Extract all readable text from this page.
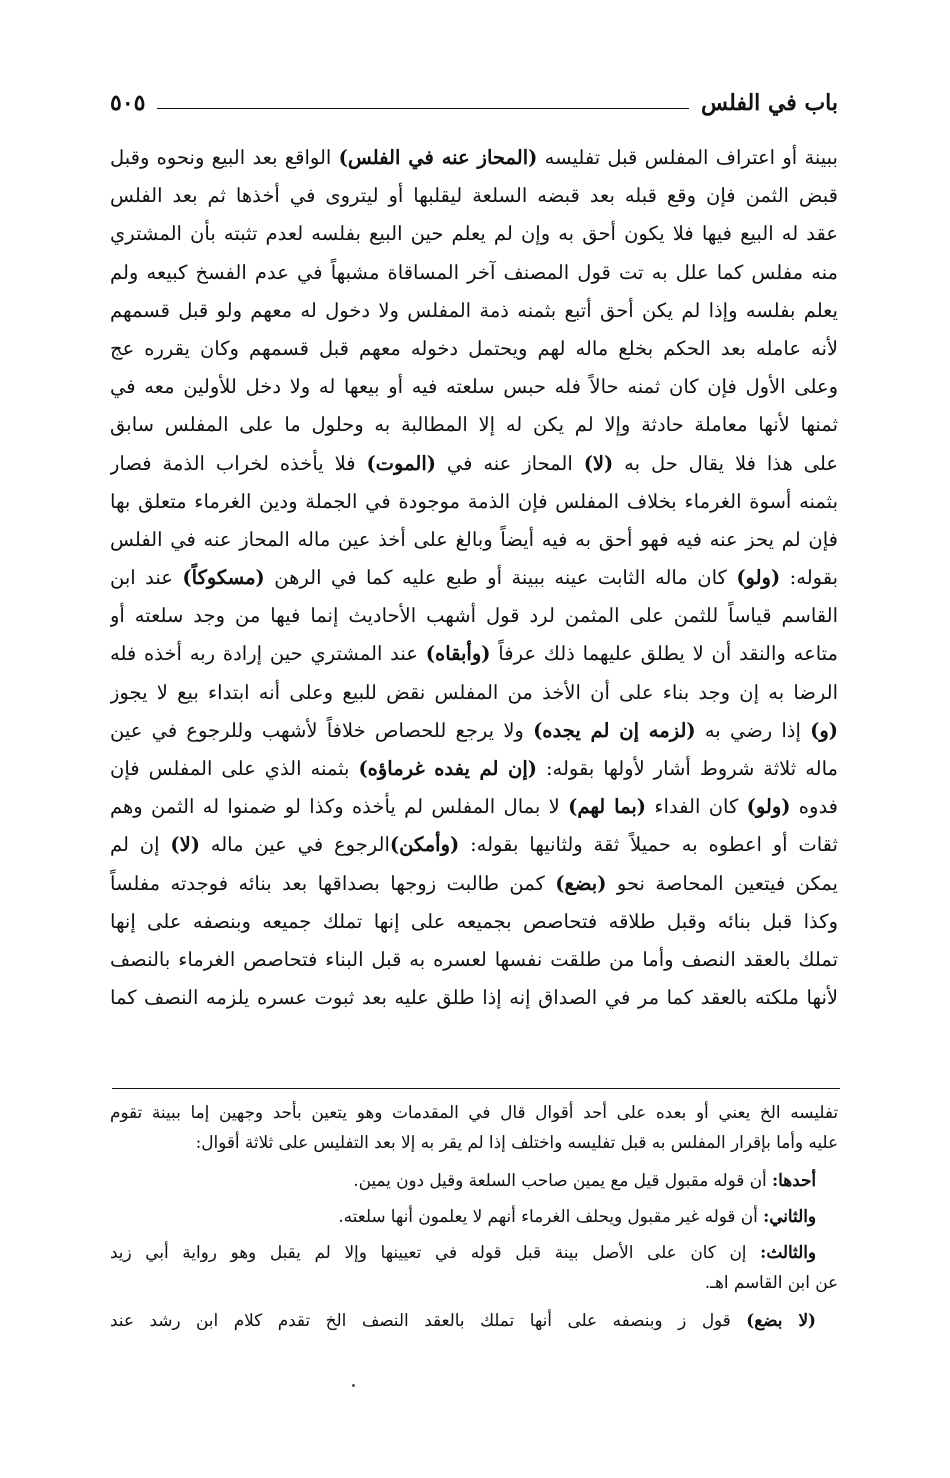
باب في الفلس
٥٠٥
ببينة أو اعتراف المفلس قبل تفليسه (المحاز عنه في الفلس) الواقع بعد البيع ونحوه وقبل
قبض الثمن فإن وقع قبله بعد قبضه السلعة ليقلبها أو ليتروى في أخذها ثم بعد الفلس
عقد له البيع فيها فلا يكون أحق به وإن لم يعلم حين البيع بفلسه لعدم تثبته بأن المشتري
منه مفلس كما علل به تت قول المصنف آخر المساقاة مشبهاً في عدم الفسخ كبيعه ولم
يعلم بفلسه وإذا لم يكن أحق أتبع بثمنه ذمة المفلس ولا دخول له معهم ولو قبل قسمهم
لأنه عامله بعد الحكم بخلع ماله لهم ويحتمل دخوله معهم قبل قسمهم وكان يقرره عج
وعلى الأول فإن كان ثمنه حالاً فله حبس سلعته فيه أو بيعها له ولا دخل للأولين معه في
ثمنها لأنها معاملة حادثة وإلا لم يكن له إلا المطالبة به وحلول ما على المفلس سابق
على هذا فلا يقال حل به (لا) المحاز عنه في (الموت) فلا يأخذه لخراب الذمة فصار
بثمنه أسوة الغرماء بخلاف المفلس فإن الذمة موجودة في الجملة ودين الغرماء متعلق بها
فإن لم يحز عنه فيه فهو أحق به فيه أيضاً وبالغ على أخذ عين ماله المحاز عنه في الفلس
بقوله: (ولو) كان ماله الثابت عينه ببينة أو طبع عليه كما في الرهن (مسكوكاً) عند ابن
القاسم قياساً للثمن على المثمن لرد قول أشهب الأحاديث إنما فيها من وجد سلعته أو
متاعه والنقد أن لا يطلق عليهما ذلك عرفاً (وأبقاه) عند المشتري حين إرادة ربه أخذه فله
الرضا به إن وجد بناء على أن الأخذ من المفلس نقض للبيع وعلى أنه ابتداء بيع لا يجوز
(و) إذا رضي به (لزمه إن لم يجده) ولا يرجع للحصاص خلافاً لأشهب وللرجوع في عين
ماله ثلاثة شروط أشار لأولها بقوله: (إن لم يفده غرماؤه) بثمنه الذي على المفلس فإن
فدوه (ولو) كان الفداء (بما لهم) لا بمال المفلس لم يأخذه وكذا لو ضمنوا له الثمن وهم
ثقات أو اعطوه به حميلاً ثقة ولثانيها بقوله: (وأمكن)الرجوع في عين ماله (لا) إن لم
يمكن فيتعين المحاصة نحو (بضع) كمن طالبت زوجها بصداقها بعد بنائه فوجدته مفلساً
وكذا قبل بنائه وقبل طلاقه فتحاصص بجميعه على إنها تملك جميعه وبنصفه على إنها
تملك بالعقد النصف وأما من طلقت نفسها لعسره به قبل البناء فتحاصص الغرماء بالنصف
لأنها ملكته بالعقد كما مر في الصداق إنه إذا طلق عليه بعد ثبوت عسره يلزمه النصف كما
تفليسه الخ يعني أو بعده على أحد أقوال قال في المقدمات وهو يتعين بأحد وجهين إما ببينة تقوم
عليه وأما بإقرار المفلس به قبل تفليسه واختلف إذا لم يقر به إلا بعد التفليس على ثلاثة أقوال:
أحدها: أن قوله مقبول قيل مع يمين صاحب السلعة وقيل دون يمين.
والثاني: أن قوله غير مقبول ويحلف الغرماء أنهم لا يعلمون أنها سلعته.
والثالث: إن كان على الأصل بينة قبل قوله في تعيينها وإلا لم يقبل وهو رواية أبي زيد
عن ابن القاسم اهـ.
(لا بضع) قول ز وبنصفه على أنها تملك بالعقد النصف الخ تقدم كلام ابن رشد عند
